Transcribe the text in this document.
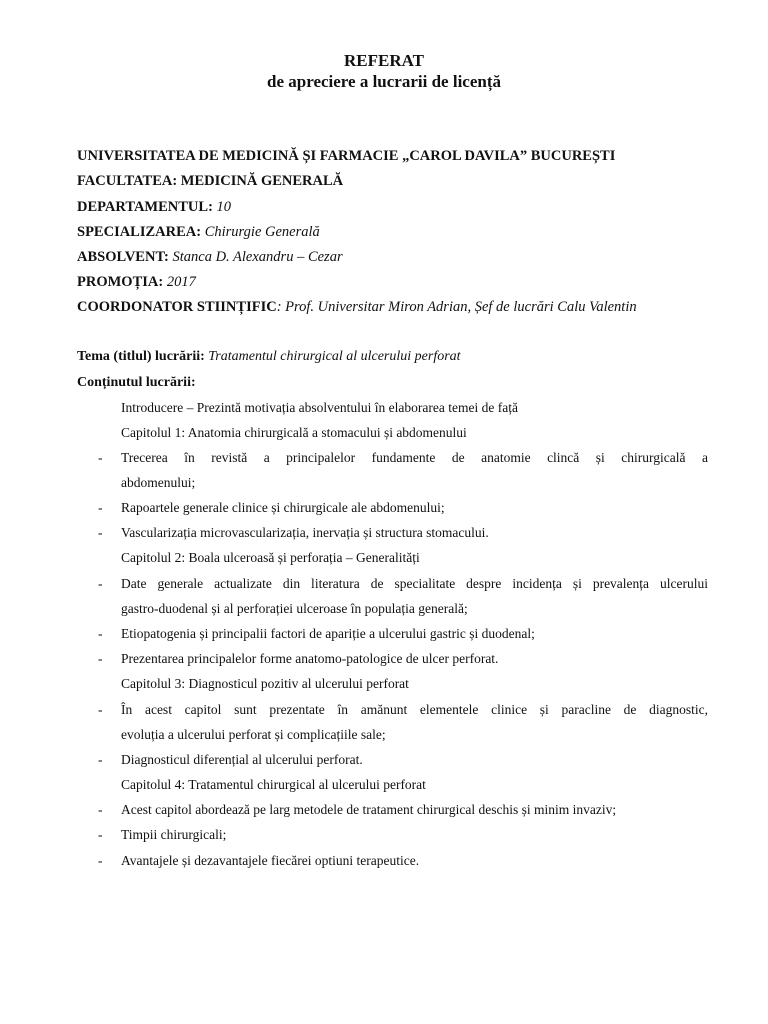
REFERAT
de apreciere a lucrarii de licență
UNIVERSITATEA DE MEDICINĂ ȘI FARMACIE „CAROL DAVILA” BUCUREȘTI
FACULTATEA: MEDICINĂ GENERALĂ
DEPARTAMENTUL: 10
SPECIALIZAREA: Chirurgie Generală
ABSOLVENT: Stanca D. Alexandru – Cezar
PROMOȚIA: 2017
COORDONATOR STIINȚIFIC: Prof. Universitar Miron Adrian, Șef de lucrări Calu Valentin
Tema (titlul) lucrării: Tratamentul chirurgical al ulcerului perforat
Conținutul lucrării:
Introducere – Prezintă motivația absolventului în elaborarea temei de față
Capitolul 1: Anatomia chirurgicală a stomacului și abdomenului
- Trecerea în revistă a principalelor fundamente de anatomie clincă și chirurgicală a
abdomenului;
- Rapoartele generale clinice și chirurgicale ale abdomenului;
- Vascularizația microvascularizația, inervația și structura stomacului.
Capitolul 2: Boala ulceroasă și perforația – Generalități
- Date generale actualizate din literatura de specialitate despre incidența și prevalența ulcerului
gastro-duodenal și al perforației ulceroase în populația generală;
- Etiopatogenia și principalii factori de apariție a ulcerului gastric și duodenal;
- Prezentarea principalelor forme anatomo-patologice de ulcer perforat.
Capitolul 3: Diagnosticul pozitiv al ulcerului perforat
- În acest capitol sunt prezentate în amănunt elementele clinice și paraclinе de diagnostic,
evoluția a ulcerului perforat și complicațiile sale;
- Diagnosticul diferențial al ulcerului perforat.
Capitolul 4: Tratamentul chirurgical al ulcerului perforat
- Acest capitol abordează pe larg metodele de tratament chirurgical deschis și minim invaziv;
- Timpii chirurgicali;
- Avantajele și dezavantajele fiecărei optiuni terapeutice.
